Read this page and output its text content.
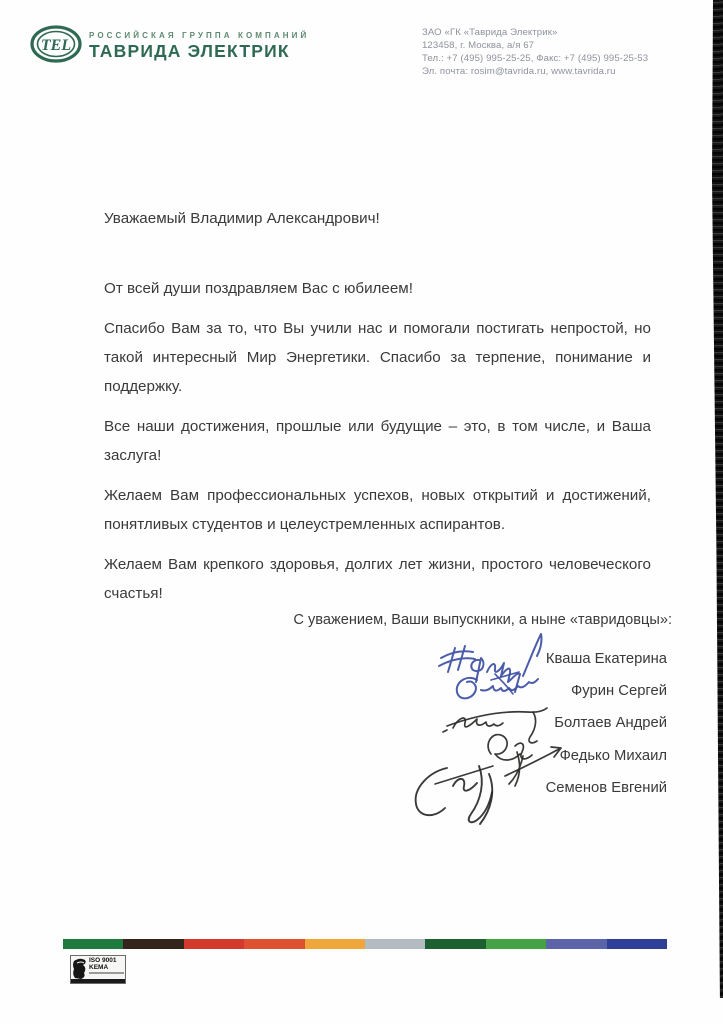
TEL
РОССИЙСКАЯ ГРУППА КОМПАНИЙ
ТАВРИДА ЭЛЕКТРИК
ЗАО «ГК «Таврида Электрик»
123458, г. Москва, а/я 67
Тел.: +7 (495) 995-25-25, Факс: +7 (495) 995-25-53
Эл. почта: rosim@tavrida.ru, www.tavrida.ru

Уважаемый Владимир Александрович!

От всей души поздравляем Вас с юбилеем!

Спасибо Вам за то, что Вы учили нас и помогали постигать непростой, но такой интересный Мир Энергетики. Спасибо за терпение, понимание и поддержку.

Все наши достижения, прошлые или будущие – это, в том числе, и Ваша заслуга!

Желаем Вам профессиональных успехов, новых открытий и достижений, понятливых студентов и целеустремленных аспирантов.

Желаем Вам крепкого здоровья, долгих лет жизни, простого человеческого счастья!

С уважением, Ваши выпускники, а ныне «тавридовцы»:
Кваша Екатерина
Фурин Сергей
Болтаев Андрей
Федько Михаил
Семенов Евгений
ISO 9001
KEMA
